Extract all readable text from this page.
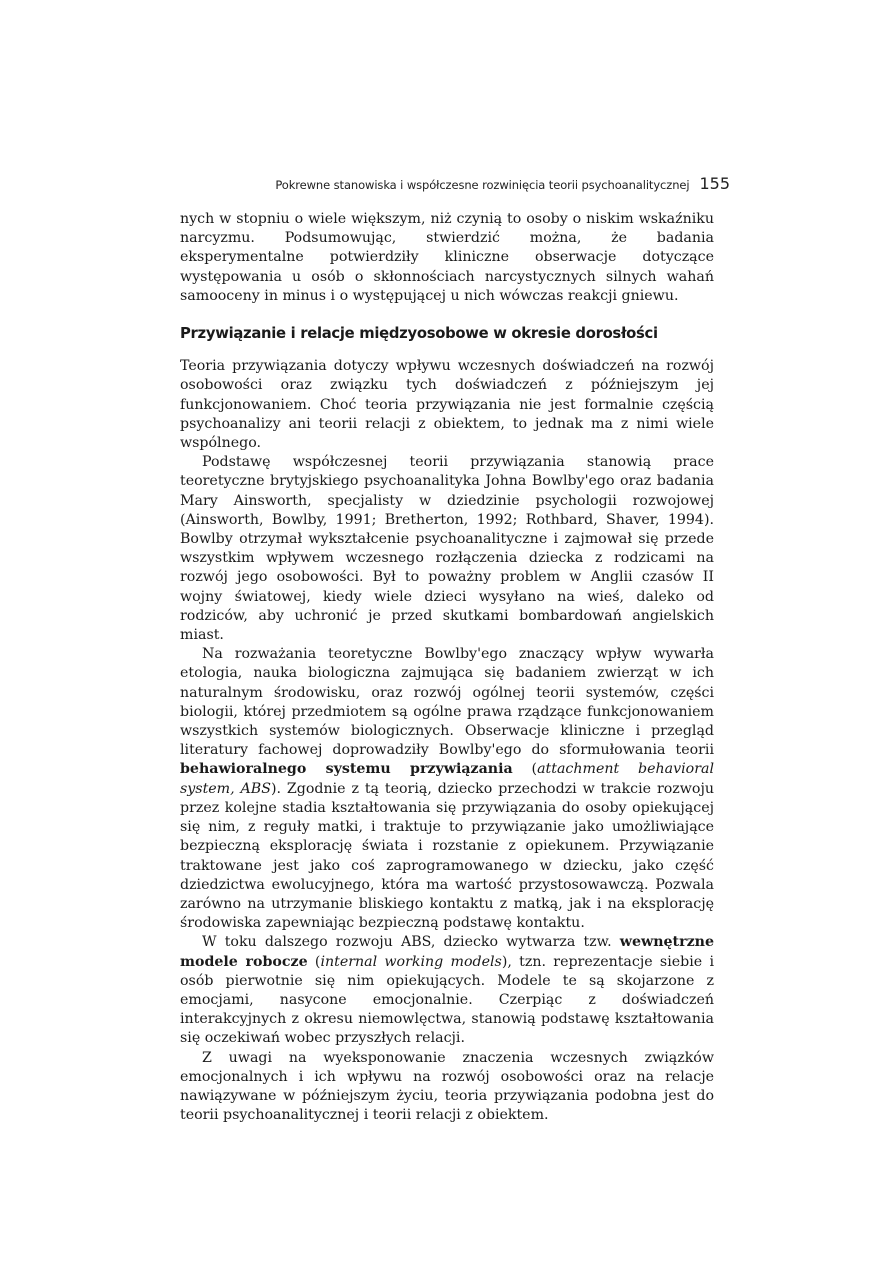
Pokrewne stanowiska i współczesne rozwinięcia teorii psychoanalitycznej 155

nych w stopniu o wiele większym, niż czynią to osoby o niskim wskaźniku narcyzmu. Podsumowując, stwierdzić można, że badania eksperymentalne potwierdziły kliniczne obserwacje dotyczące występowania u osób o skłonnościach narcystycznych silnych wahań samooceny in minus i o występującej u nich wówczas reakcji gniewu.

Przywiązanie i relacje międzyosobowe w okresie dorosłości

Teoria przywiązania dotyczy wpływu wczesnych doświadczeń na rozwój osobowości oraz związku tych doświadczeń z późniejszym jej funkcjonowaniem. Choć teoria przywiązania nie jest formalnie częścią psychoanalizy ani teorii relacji z obiektem, to jednak ma z nimi wiele wspólnego.

Podstawę współczesnej teorii przywiązania stanowią prace teoretyczne brytyjskiego psychoanalityka Johna Bowlby'ego oraz badania Mary Ainsworth, specjalisty w dziedzinie psychologii rozwojowej (Ainsworth, Bowlby, 1991; Bretherton, 1992; Rothbard, Shaver, 1994). Bowlby otrzymał wykształcenie psychoanalityczne i zajmował się przede wszystkim wpływem wczesnego rozłączenia dziecka z rodzicami na rozwój jego osobowości. Był to poważny problem w Anglii czasów II wojny światowej, kiedy wiele dzieci wysyłano na wieś, daleko od rodziców, aby uchronić je przed skutkami bombardowań angielskich miast.

Na rozważania teoretyczne Bowlby'ego znaczący wpływ wywarła etologia, nauka biologiczna zajmująca się badaniem zwierząt w ich naturalnym środowisku, oraz rozwój ogólnej teorii systemów, części biologii, której przedmiotem są ogólne prawa rządzące funkcjonowaniem wszystkich systemów biologicznych. Obserwacje kliniczne i przegląd literatury fachowej doprowadziły Bowlby'ego do sformułowania teorii behawioralnego systemu przywiązania (attachment behavioral system, ABS). Zgodnie z tą teorią, dziecko przechodzi w trakcie rozwoju przez kolejne stadia kształtowania się przywiązania do osoby opiekującej się nim, z reguły matki, i traktuje to przywiązanie jako umożliwiające bezpieczną eksplorację świata i rozstanie z opiekunem. Przywiązanie traktowane jest jako coś zaprogramowanego w dziecku, jako część dziedzictwa ewolucyjnego, która ma wartość przystosowawczą. Pozwala zarówno na utrzymanie bliskiego kontaktu z matką, jak i na eksplorację środowiska zapewniając bezpieczną podstawę kontaktu.

W toku dalszego rozwoju ABS, dziecko wytwarza tzw. wewnętrzne modele robocze (internal working models), tzn. reprezentacje siebie i osób pierwotnie się nim opiekujących. Modele te są skojarzone z emocjami, nasycone emocjonalnie. Czerpiąc z doświadczeń interakcyjnych z okresu niemowlęctwa, stanowią podstawę kształtowania się oczekiwań wobec przyszłych relacji.

Z uwagi na wyeksponowanie znaczenia wczesnych związków emocjonalnych i ich wpływu na rozwój osobowości oraz na relacje nawiązywane w późniejszym życiu, teoria przywiązania podobna jest do teorii psychoanalitycznej i teorii relacji z obiektem.
